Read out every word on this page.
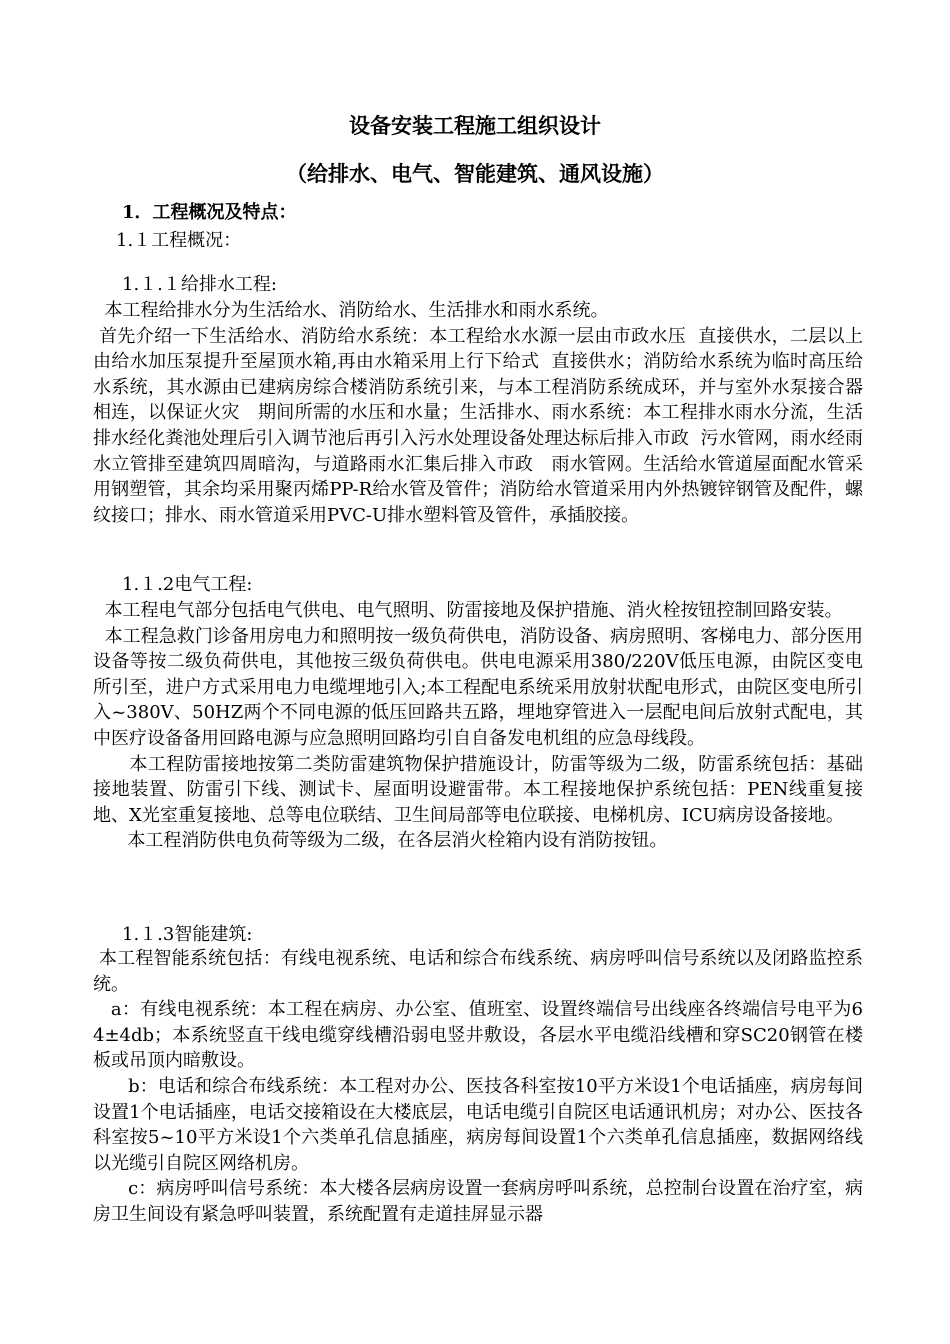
设备安装工程施工组织设计
（给排水、电气、智能建筑、通风设施）
1．工程概况及特点：
1.１工程概况：
1.１.１给排水工程:

本工程给排水分为生活给水、消防给水、生活排水和雨水系统。

首先介绍一下生活给水、消防给水系统：本工程给水水源一层由市政水压  直接供水，二层以上由给水加压泵提升至屋顶水箱,再由水箱采用上行下给式  直接供水；消防给水系统为临时高压给水系统，其水源由已建病房综合楼消防系统引来，与本工程消防系统成环，并与室外水泵接合器相连，以保证火灾   期间所需的水压和水量；生活排水、雨水系统：本工程排水雨水分流，生活    排水经化粪池处理后引入调节池后再引入污水处理设备处理达标后排入市政  污水管网，雨水经雨水立管排至建筑四周暗沟，与道路雨水汇集后排入市政   雨水管网。生活给水管道屋面配水管采用钢塑管，其余均采用聚丙烯PP-R给水管及管件；消防给水管道采用内外热镀锌钢管及配件，螺纹接口；排水、雨水管道采用PVC-U排水塑料管及管件，承插胶接。

1.１.2电气工程:

本工程电气部分包括电气供电、电气照明、防雷接地及保护措施、消火栓按钮控制回路安装。

本工程急救门诊备用房电力和照明按一级负荷供电，消防设备、病房照明、客梯电力、部分医用设备等按二级负荷供电，其他按三级负荷供电。供电电源采用380/220V低压电源，由院区变电所引至，进户方式采用电力电缆埋地引入;本工程配电系统采用放射状配电形式，由院区变电所引入~380V、50HZ两个不同电源的低压回路共五路，埋地穿管进入一层配电间后放射式配电，其中医疗设备备用回路电源与应急照明回路均引自自备发电机组的应急母线段。

本工程防雷接地按第二类防雷建筑物保护措施设计，防雷等级为二级，防雷系统包括：基础接地装置、防雷引下线、测试卡、屋面明设避雷带。本工程接地保护系统包括：PEN线重复接地、X光室重复接地、总等电位联结、卫生间局部等电位联接、电梯机房、ICU病房设备接地。

本工程消防供电负荷等级为二级，在各层消火栓箱内设有消防按钮。

1.１.3智能建筑:

本工程智能系统包括：有线电视系统、电话和综合布线系统、病房呼叫信号系统以及闭路监控系统。

a：有线电视系统：本工程在病房、办公室、值班室、设置终端信号出线座各终端信号电平为64±4db；本系统竖直干线电缆穿线槽沿弱电竖井敷设，各层水平电缆沿线槽和穿SC20钢管在楼板或吊顶内暗敷设。

b：电话和综合布线系统：本工程对办公、医技各科室按10平方米设1个电话插座，病房每间设置1个电话插座，电话交接箱设在大楼底层，电话电缆引自院区电话通讯机房；对办公、医技各科室按5~10平方米设1个六类单孔信息插座，病房每间设置1个六类单孔信息插座，数据网络线以光缆引自院区网络机房。

c：病房呼叫信号系统：本大楼各层病房设置一套病房呼叫系统，总控制台设置在治疗室，病房卫生间设有紧急呼叫装置，系统配置有走道挂屏显示器
